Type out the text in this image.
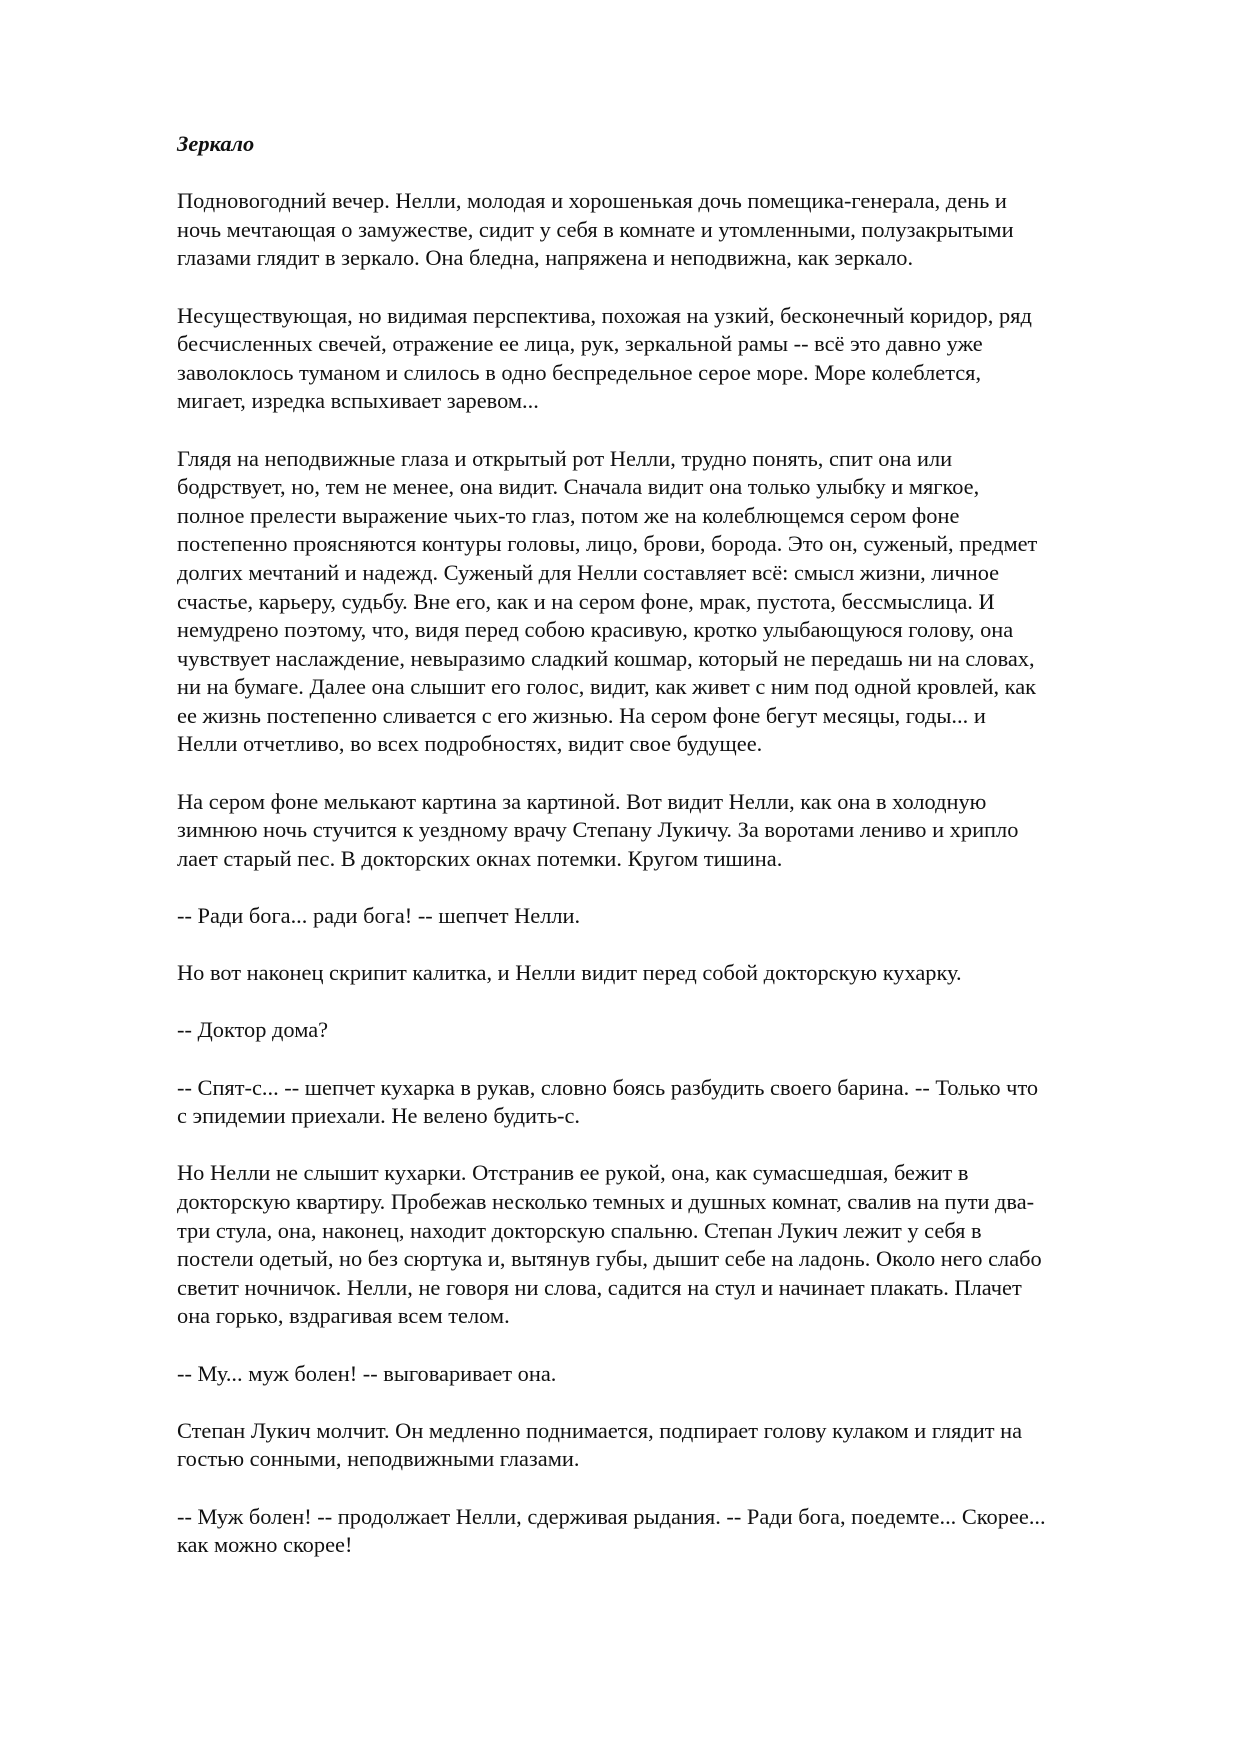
Зеркало
Подновогодний вечер. Нелли, молодая и хорошенькая дочь помещика-генерала, день и
ночь мечтающая о замужестве, сидит у себя в комнате и утомленными, полузакрытыми
глазами глядит в зеркало. Она бледна, напряжена и неподвижна, как зеркало.
Несуществующая, но видимая перспектива, похожая на узкий, бесконечный коридор, ряд
бесчисленных свечей, отражение ее лица, рук, зеркальной рамы -- всё это давно уже
заволоклось туманом и слилось в одно беспредельное серое море. Море колеблется,
мигает, изредка вспыхивает заревом...
Глядя на неподвижные глаза и открытый рот Нелли, трудно понять, спит она или
бодрствует, но, тем не менее, она видит. Сначала видит она только улыбку и мягкое,
полное прелести выражение чьих-то глаз, потом же на колеблющемся сером фоне
постепенно проясняются контуры головы, лицо, брови, борода. Это он, суженый, предмет
долгих мечтаний и надежд. Суженый для Нелли составляет всё: смысл жизни, личное
счастье, карьеру, судьбу. Вне его, как и на сером фоне, мрак, пустота, бессмыслица. И
немудрено поэтому, что, видя перед собою красивую, кротко улыбающуюся голову, она
чувствует наслаждение, невыразимо сладкий кошмар, который не передашь ни на словах,
ни на бумаге. Далее она слышит его голос, видит, как живет с ним под одной кровлей, как
ее жизнь постепенно сливается с его жизнью. На сером фоне бегут месяцы, годы... и
Нелли отчетливо, во всех подробностях, видит свое будущее.
На сером фоне мелькают картина за картиной. Вот видит Нелли, как она в холодную
зимнюю ночь стучится к уездному врачу Степану Лукичу. За воротами лениво и хрипло
лает старый пес. В докторских окнах потемки. Кругом тишина.
-- Ради бога... ради бога! -- шепчет Нелли.
Но вот наконец скрипит калитка, и Нелли видит перед собой докторскую кухарку.
-- Доктор дома?
-- Спят-с... -- шепчет кухарка в рукав, словно боясь разбудить своего барина. -- Только что
с эпидемии приехали. Не велено будить-с.
Но Нелли не слышит кухарки. Отстранив ее рукой, она, как сумасшедшая, бежит в
докторскую квартиру. Пробежав несколько темных и душных комнат, свалив на пути два-
три стула, она, наконец, находит докторскую спальню. Степан Лукич лежит у себя в
постели одетый, но без сюртука и, вытянув губы, дышит себе на ладонь. Около него слабо
светит ночничок. Нелли, не говоря ни слова, садится на стул и начинает плакать. Плачет
она горько, вздрагивая всем телом.
-- Му... муж болен! -- выговаривает она.
Степан Лукич молчит. Он медленно поднимается, подпирает голову кулаком и глядит на
гостью сонными, неподвижными глазами.
-- Муж болен! -- продолжает Нелли, сдерживая рыдания. -- Ради бога, поедемте... Скорее...
как можно скорее!
